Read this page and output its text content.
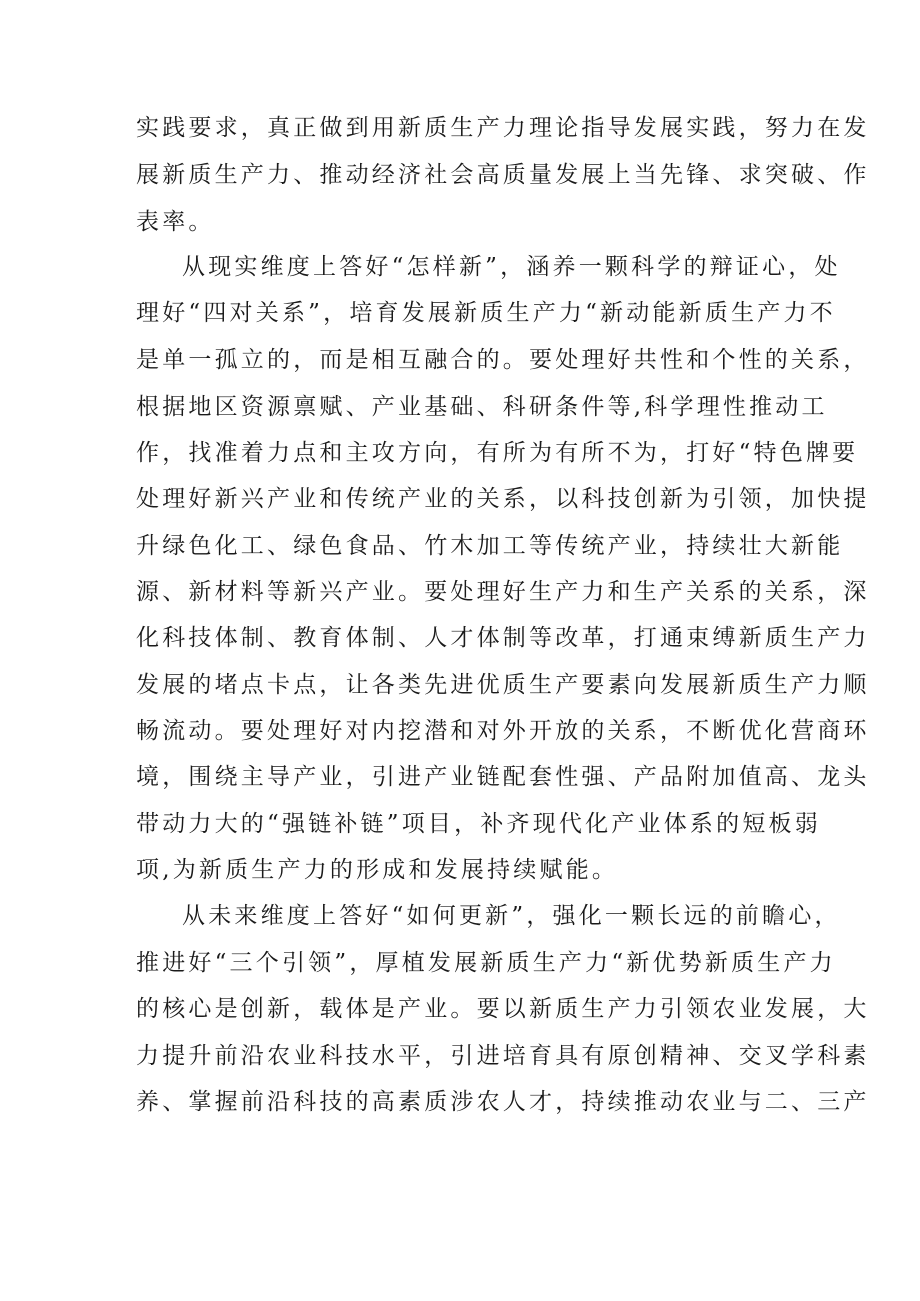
实践要求，真正做到用新质生产力理论指导发展实践，努力在发
展新质生产力、推动经济社会高质量发展上当先锋、求突破、作
表率。
从现实维度上答好“怎样新”，涵养一颗科学的辩证心，处
理好“四对关系”，培育发展新质生产力“新动能新质生产力不
是单一孤立的，而是相互融合的。要处理好共性和个性的关系，
根据地区资源禀赋、产业基础、科研条件等,科学理性推动工
作，找准着力点和主攻方向，有所为有所不为，打好“特色牌要
处理好新兴产业和传统产业的关系，以科技创新为引领，加快提
升绿色化工、绿色食品、竹木加工等传统产业，持续壮大新能
源、新材料等新兴产业。要处理好生产力和生产关系的关系，深
化科技体制、教育体制、人才体制等改革，打通束缚新质生产力
发展的堵点卡点，让各类先进优质生产要素向发展新质生产力顺
畅流动。要处理好对内挖潜和对外开放的关系，不断优化营商环
境，围绕主导产业，引进产业链配套性强、产品附加值高、龙头
带动力大的“强链补链”项目，补齐现代化产业体系的短板弱
项,为新质生产力的形成和发展持续赋能。
从未来维度上答好“如何更新”，强化一颗长远的前瞻心，
推进好“三个引领”，厚植发展新质生产力“新优势新质生产力
的核心是创新，载体是产业。要以新质生产力引领农业发展，大
力提升前沿农业科技水平，引进培育具有原创精神、交叉学科素
养、掌握前沿科技的高素质涉农人才，持续推动农业与二、三产
